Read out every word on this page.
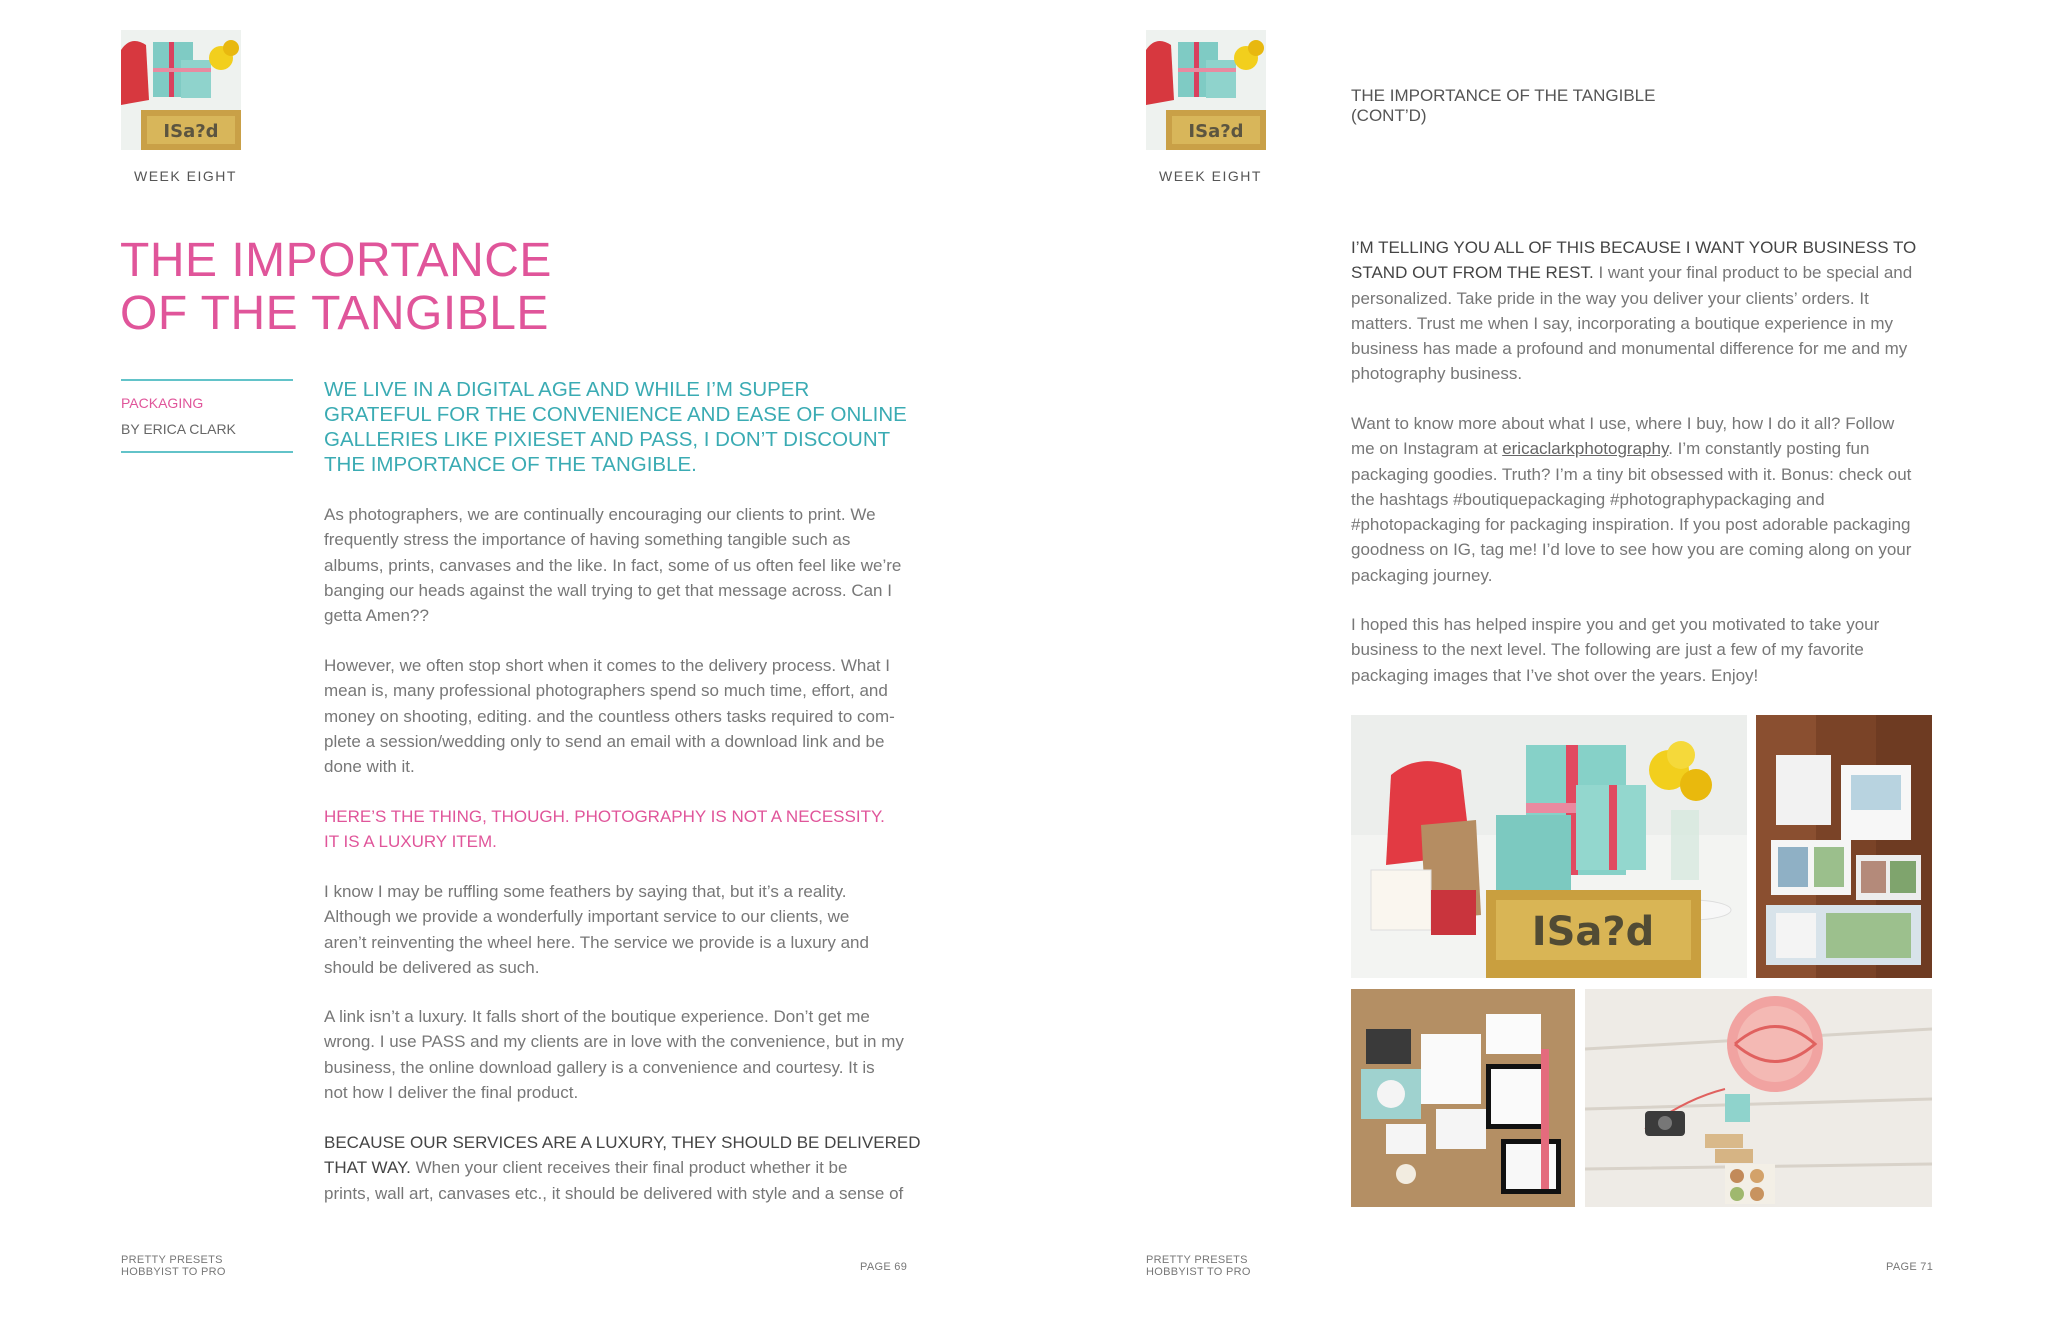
ISa?d
WEEK EIGHT
THE IMPORTANCE
OF THE TANGIBLE
PACKAGING
BY ERICA CLARK
WE LIVE IN A DIGITAL AGE AND WHILE I’M SUPER
GRATEFUL FOR THE CONVENIENCE AND EASE OF ONLINE
GALLERIES LIKE PIXIESET AND PASS, I DON’T DISCOUNT
THE IMPORTANCE OF THE TANGIBLE.
As photographers, we are continually encouraging our clients to print. We
frequently stress the importance of having something tangible such as
albums, prints, canvases and the like. In fact, some of us often feel like we’re
banging our heads against the wall trying to get that message across. Can I
getta Amen??
However, we often stop short when it comes to the delivery process. What I
mean is, many professional photographers spend so much time, effort, and
money on shooting, editing. and the countless others tasks required to com-
plete a session/wedding only to send an email with a download link and be
done with it.
HERE’S THE THING, THOUGH. PHOTOGRAPHY IS NOT A NECESSITY.
IT IS A LUXURY ITEM.
I know I may be ruffling some feathers by saying that, but it’s a reality.
Although we provide a wonderfully important service to our clients, we
aren’t reinventing the wheel here. The service we provide is a luxury and
should be delivered as such.
A link isn’t a luxury. It falls short of the boutique experience. Don’t get me
wrong. I use PASS and my clients are in love with the convenience, but in my
business, the online download gallery is a convenience and courtesy. It is
not how I deliver the final product.
BECAUSE OUR SERVICES ARE A LUXURY, THEY SHOULD BE DELIVERED
THAT WAY. When your client receives their final product whether it be
prints, wall art, canvases etc., it should be delivered with style and a sense of
PRETTY PRESETS
HOBBYIST TO PRO	PAGE 69
ISa?d
WEEK EIGHT
THE IMPORTANCE OF THE TANGIBLE
(CONT’D)
I’M TELLING YOU ALL OF THIS BECAUSE I WANT YOUR BUSINESS TO
STAND OUT FROM THE REST. I want your final product to be special and
personalized. Take pride in the way you deliver your clients’ orders. It
matters. Trust me when I say, incorporating a boutique experience in my
business has made a profound and monumental difference for me and my
photography business.
Want to know more about what I use, where I buy, how I do it all? Follow
me on Instagram at ericaclarkphotography. I’m constantly posting fun
packaging goodies. Truth? I’m a tiny bit obsessed with it. Bonus: check out
the hashtags #boutiquepackaging #photographypackaging and
#photopackaging for packaging inspiration. If you post adorable packaging
goodness on IG, tag me! I’d love to see how you are coming along on your
packaging journey.
I hoped this has helped inspire you and get you motivated to take your
business to the next level. The following are just a few of my favorite
packaging images that I’ve shot over the years. Enjoy!
ISa?d
PRETTY PRESETS
HOBBYIST TO PRO	PAGE 71
